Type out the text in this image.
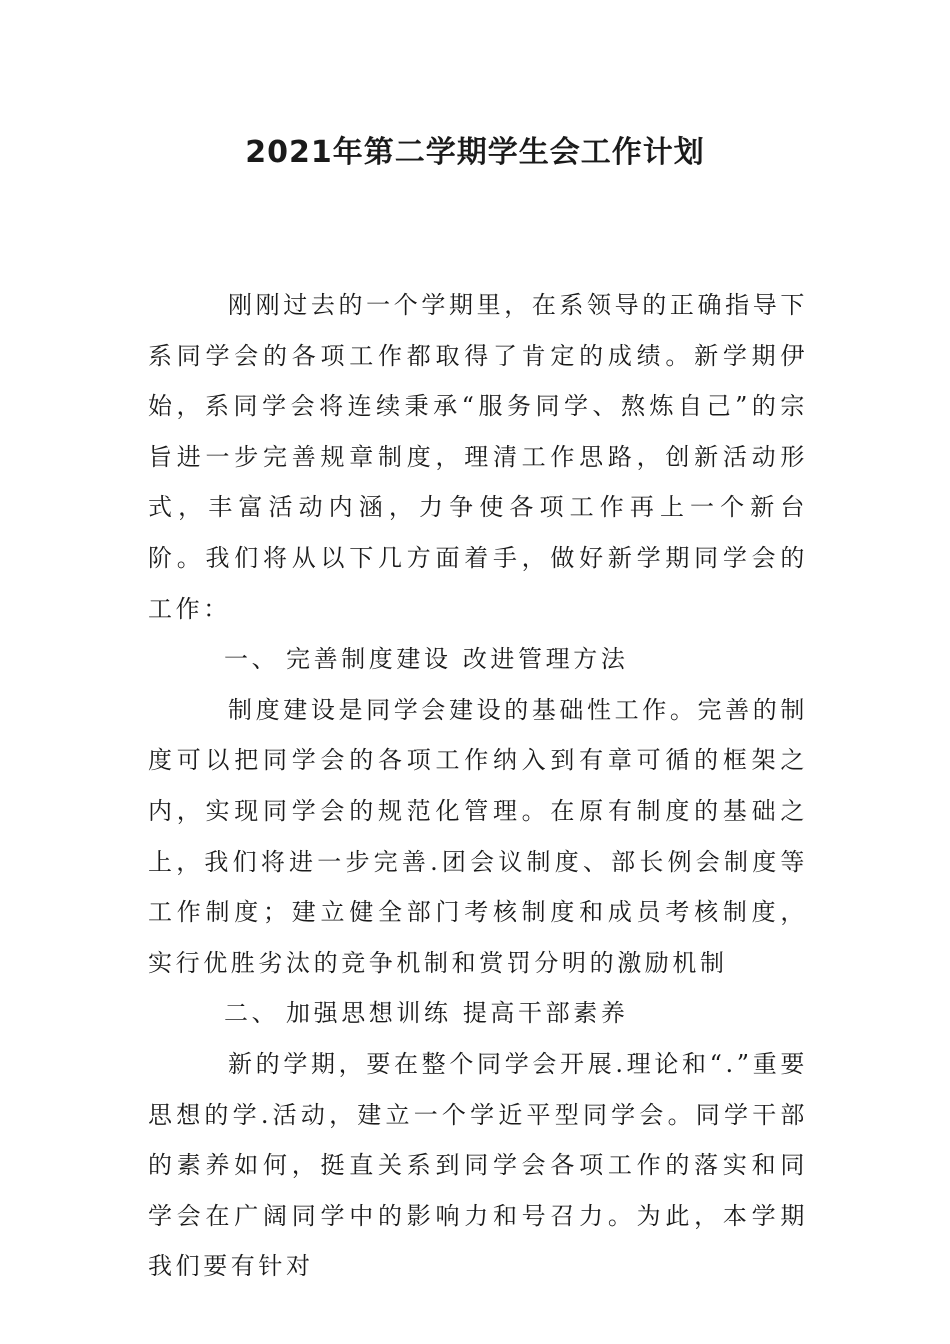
2021年第二学期学生会工作计划

刚刚过去的一个学期里，在系领导的正确指导下系同学会的各项工作都取得了肯定的成绩。新学期伊始，系同学会将连续秉承“服务同学、熬炼自己”的宗旨进一步完善规章制度，理清工作思路，创新活动形式，丰富活动内涵，力争使各项工作再上一个新台阶。我们将从以下几方面着手，做好新学期同学会的工作：

一、 完善制度建设 改进管理方法

制度建设是同学会建设的基础性工作。完善的制度可以把同学会的各项工作纳入到有章可循的框架之内，实现同学会的规范化管理。在原有制度的基础之上，我们将进一步完善.团会议制度、部长例会制度等工作制度；建立健全部门考核制度和成员考核制度，实行优胜劣汰的竞争机制和赏罚分明的激励机制

二、 加强思想训练 提高干部素养

新的学期，要在整个同学会开展.理论和“.”重要思想的学.活动，建立一个学近平型同学会。同学干部的素养如何，挺直关系到同学会各项工作的落实和同学会在广阔同学中的影响力和号召力。为此，本学期我们要有针对
